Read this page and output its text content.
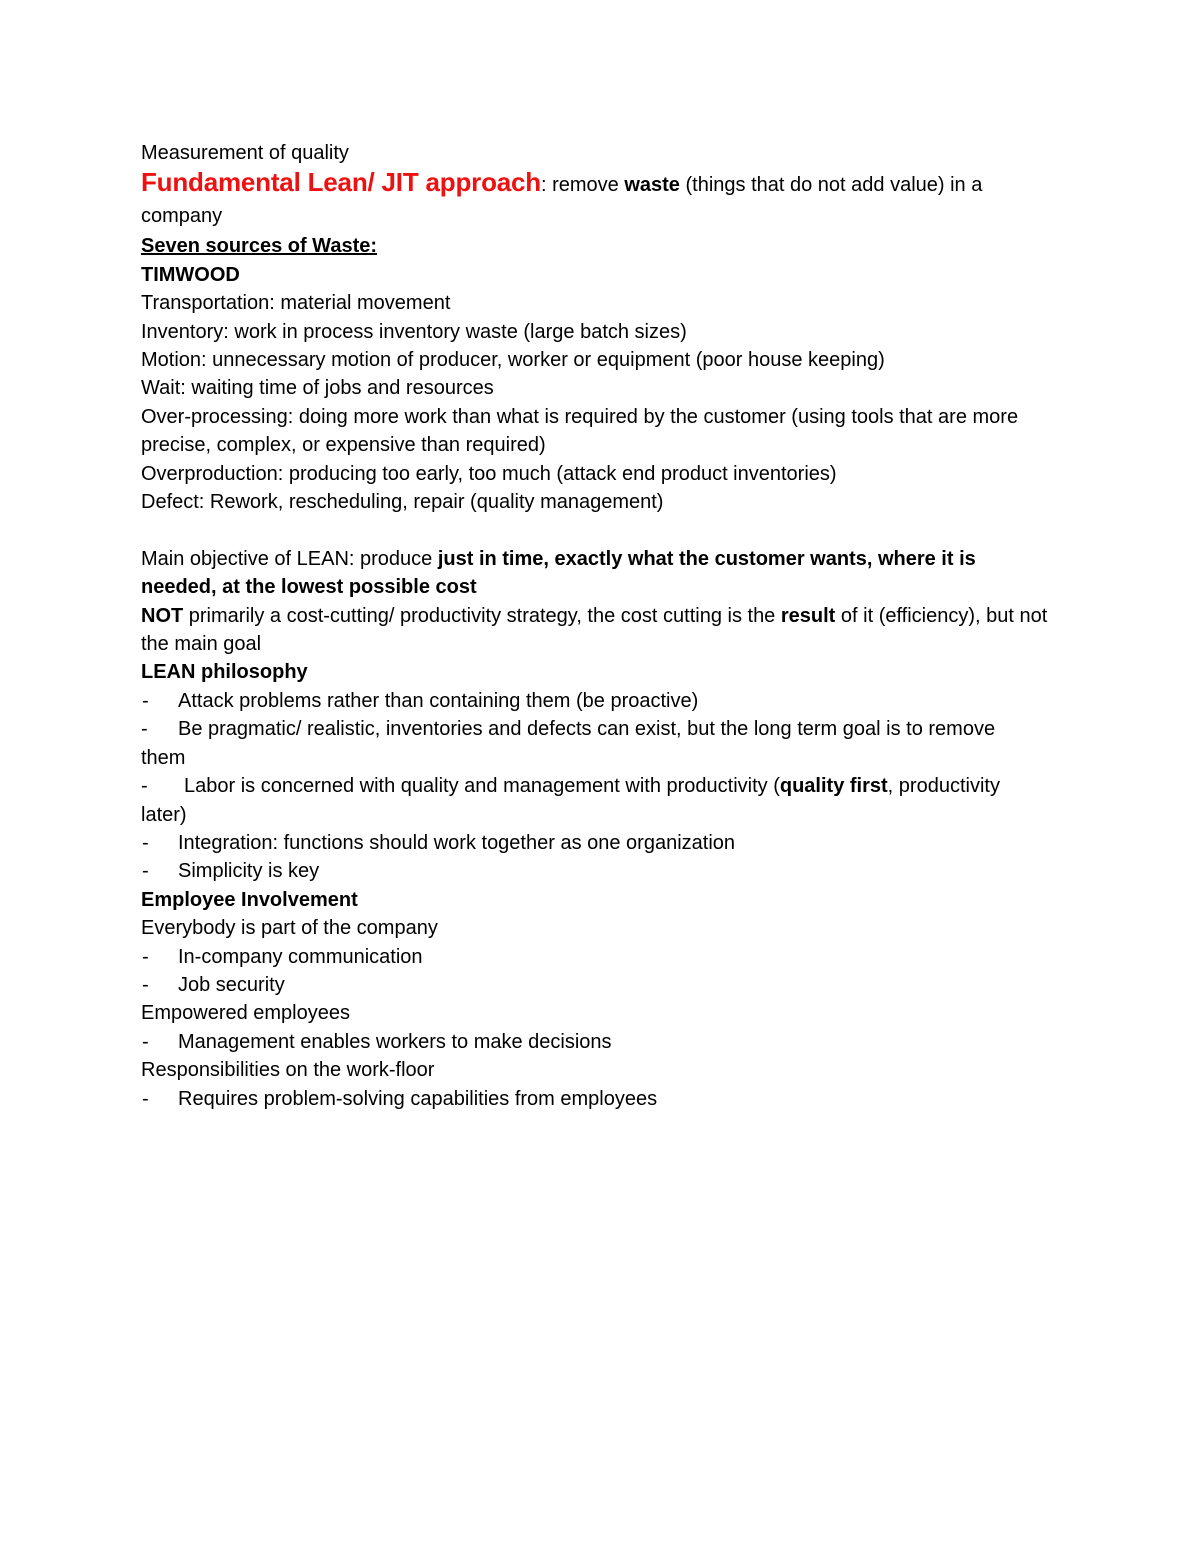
Measurement of quality

Fundamental Lean/ JIT approach: remove waste (things that do not add value) in a company

Seven sources of Waste:

TIMWOOD

Transportation: material movement

Inventory: work in process inventory waste (large batch sizes)

Motion: unnecessary motion of producer, worker or equipment (poor house keeping)

Wait: waiting time of jobs and resources

Over-processing: doing more work than what is required by the customer (using tools that are more precise, complex, or expensive than required)

Overproduction: producing too early, too much (attack end product inventories)

Defect: Rework, rescheduling, repair (quality management)

Main objective of LEAN: produce just in time, exactly what the customer wants, where it is needed, at the lowest possible cost

NOT primarily a cost-cutting/ productivity strategy, the cost cutting is the result of it (efficiency), but not the main goal

LEAN philosophy

- Attack problems rather than containing them (be proactive)

- Be pragmatic/ realistic, inventories and defects can exist, but the long term goal is to remove them

- Labor is concerned with quality and management with productivity (quality first, productivity later)

- Integration: functions should work together as one organization

- Simplicity is key

Employee Involvement

Everybody is part of the company

- In-company communication

- Job security

Empowered employees

- Management enables workers to make decisions

Responsibilities on the work-floor

- Requires problem-solving capabilities from employees
